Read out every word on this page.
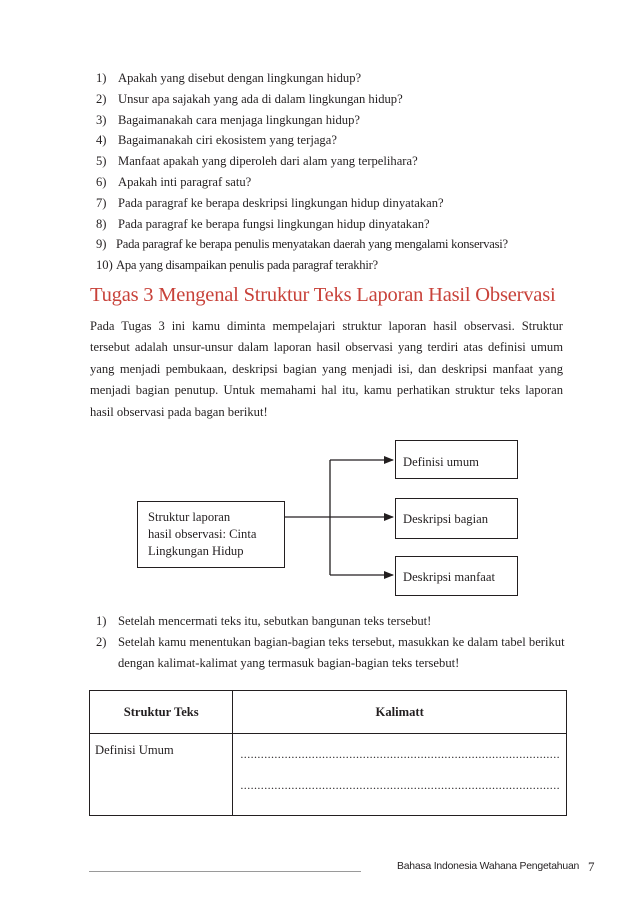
1) Apakah yang disebut dengan lingkungan hidup?
2) Unsur apa sajakah yang ada di dalam lingkungan hidup?
3) Bagaimanakah cara menjaga lingkungan hidup?
4) Bagaimanakah ciri ekosistem yang terjaga?
5) Manfaat apakah yang diperoleh dari alam yang terpelihara?
6) Apakah inti paragraf satu?
7) Pada paragraf ke berapa deskripsi lingkungan hidup dinyatakan?
8) Pada paragraf ke berapa fungsi lingkungan hidup dinyatakan?
9) Pada paragraf ke berapa penulis menyatakan daerah yang mengalami konservasi?
10) Apa yang disampaikan penulis pada paragraf terakhir?
Tugas 3 Mengenal Struktur Teks Laporan Hasil Observasi

Pada Tugas 3 ini kamu diminta mempelajari struktur laporan hasil observasi. Struktur tersebut adalah unsur-unsur dalam laporan hasil observasi yang terdiri atas definisi umum yang menjadi pembukaan, deskripsi bagian yang menjadi isi, dan deskripsi manfaat yang menjadi bagian penutup. Untuk memahami hal itu, kamu perhatikan struktur teks laporan hasil observasi pada bagan berikut!

Struktur laporan
hasil observasi: Cinta
Lingkungan Hidup
Definisi umum
Deskripsi bagian
Deskripsi manfaat
1) Setelah mencermati teks itu, sebutkan bangunan teks tersebut!
2) Setelah kamu menentukan bagian-bagian teks tersebut, masukkan ke dalam tabel berikut dengan kalimat-kalimat yang termasuk bagian-bagian teks tersebut!
Struktur Teks	Kalimatt
Definisi Umum	..............................................................................................
..............................................................................................
Bahasa Indonesia Wahana Pengetahuan 7
